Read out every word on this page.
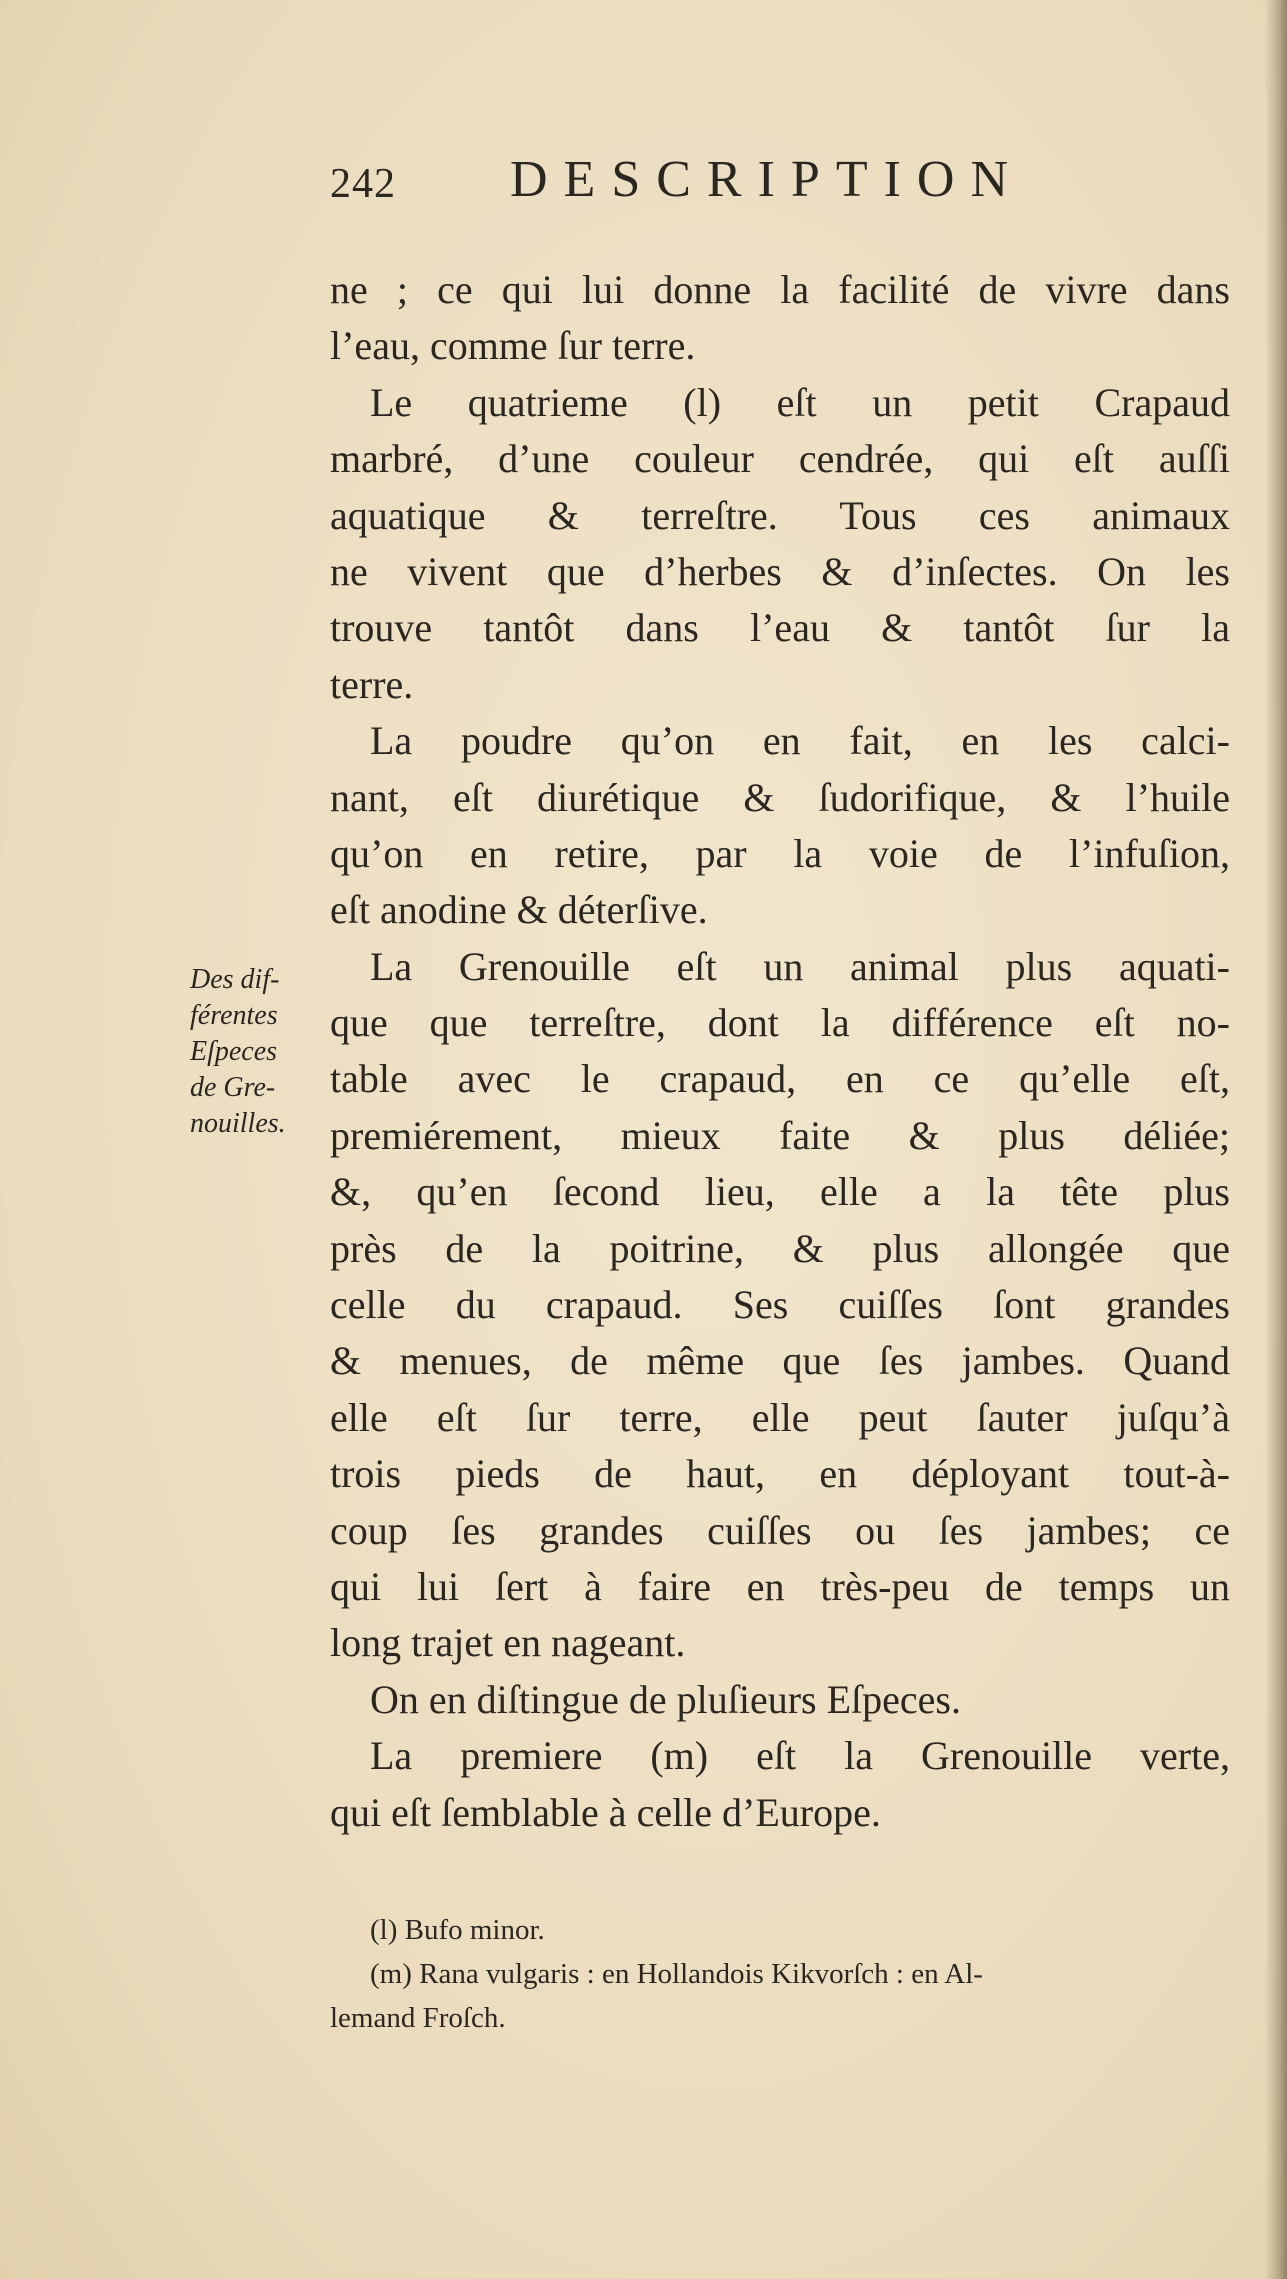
242 DESCRIPTION
ne ; ce qui lui donne la facilité de vivre dans
l’eau, comme ſur terre.
Le quatrieme (l) eſt un petit Crapaud
marbré, d’une couleur cendrée, qui eſt auſſi
aquatique & terreſtre. Tous ces animaux
ne vivent que d’herbes & d’inſectes. On les
trouve tantôt dans l’eau & tantôt ſur la
terre.
La poudre qu’on en fait, en les calci-
nant, eſt diurétique & ſudorifique, & l’huile
qu’on en retire, par la voie de l’infuſion,
eſt anodine & déterſive.
La Grenouille eſt un animal plus aquati-
que que terreſtre, dont la différence eſt no-
table avec le crapaud, en ce qu’elle eſt,
premiérement, mieux faite & plus déliée;
&, qu’en ſecond lieu, elle a la tête plus
près de la poitrine, & plus allongée que
celle du crapaud. Ses cuiſſes ſont grandes
& menues, de même que ſes jambes. Quand
elle eſt ſur terre, elle peut ſauter juſqu’à
trois pieds de haut, en déployant tout-à-
coup ſes grandes cuiſſes ou ſes jambes; ce
qui lui ſert à faire en très-peu de temps un
long trajet en nageant.
On en diſtingue de pluſieurs Eſpeces.
La premiere (m) eſt la Grenouille verte,
qui eſt ſemblable à celle d’Europe.
Des dif-
férentes
Eſpeces
de Gre-
nouilles.
(l) Bufo minor.
(m) Rana vulgaris : en Hollandois Kikvorſch : en Al-
lemand Froſch.
